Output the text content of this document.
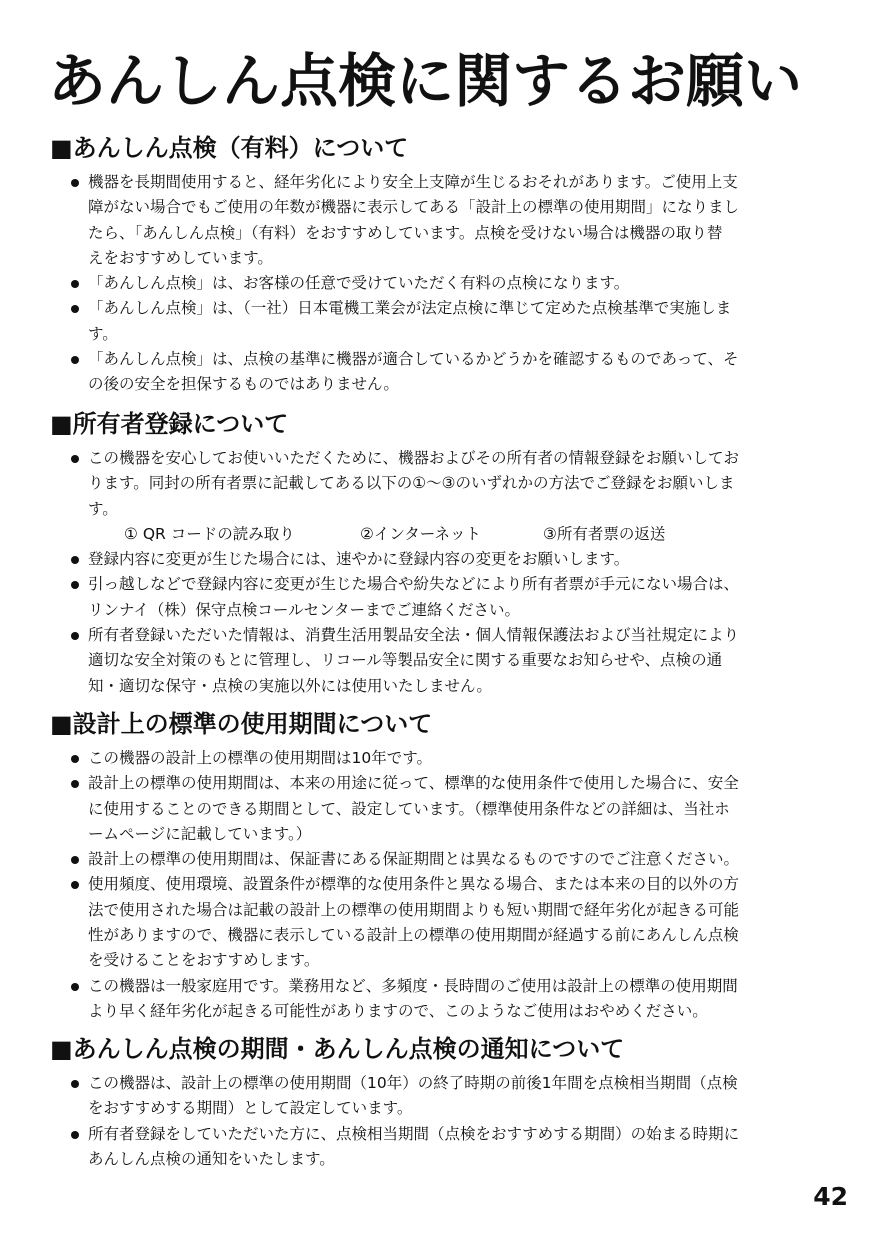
あんしん点検に関するお願い
■あんしん点検（有料）について
機器を長期間使用すると、経年劣化により安全上支障が生じるおそれがあります。ご使用上支
障がない場合でもご使用の年数が機器に表示してある「設計上の標準の使用期間」になりまし
たら、「あんしん点検」（有料）をおすすめしています。点検を受けない場合は機器の取り替
えをおすすめしています。
「あんしん点検」は、お客様の任意で受けていただく有料の点検になります。
「あんしん点検」は、（一社）日本電機工業会が法定点検に準じて定めた点検基準で実施しま
す。
「あんしん点検」は、点検の基準に機器が適合しているかどうかを確認するものであって、そ
の後の安全を担保するものではありません。
■所有者登録について
この機器を安心してお使いいただくために、機器およびその所有者の情報登録をお願いしてお
ります。同封の所有者票に記載してある以下の①〜③のいずれかの方法でご登録をお願いしま
す。
① QR コードの読み取り	②インターネット	③所有者票の返送
登録内容に変更が生じた場合には、速やかに登録内容の変更をお願いします。
引っ越しなどで登録内容に変更が生じた場合や紛失などにより所有者票が手元にない場合は、
リンナイ（株）保守点検コールセンターまでご連絡ください。
所有者登録いただいた情報は、消費生活用製品安全法・個人情報保護法および当社規定により
適切な安全対策のもとに管理し、リコール等製品安全に関する重要なお知らせや、点検の通
知・適切な保守・点検の実施以外には使用いたしません。
■設計上の標準の使用期間について
この機器の設計上の標準の使用期間は10年です。
設計上の標準の使用期間は、本来の用途に従って、標準的な使用条件で使用した場合に、安全
に使用することのできる期間として、設定しています。（標準使用条件などの詳細は、当社ホ
ームページに記載しています。）
設計上の標準の使用期間は、保証書にある保証期間とは異なるものですのでご注意ください。
使用頻度、使用環境、設置条件が標準的な使用条件と異なる場合、または本来の目的以外の方
法で使用された場合は記載の設計上の標準の使用期間よりも短い期間で経年劣化が起きる可能
性がありますので、機器に表示している設計上の標準の使用期間が経過する前にあんしん点検
を受けることをおすすめします。
この機器は一般家庭用です。業務用など、多頻度・長時間のご使用は設計上の標準の使用期間
より早く経年劣化が起きる可能性がありますので、このようなご使用はおやめください。
■あんしん点検の期間・あんしん点検の通知について
この機器は、設計上の標準の使用期間（10年）の終了時期の前後1年間を点検相当期間（点検
をおすすめする期間）として設定しています。
所有者登録をしていただいた方に、点検相当期間（点検をおすすめする期間）の始まる時期に
あんしん点検の通知をいたします。
42
